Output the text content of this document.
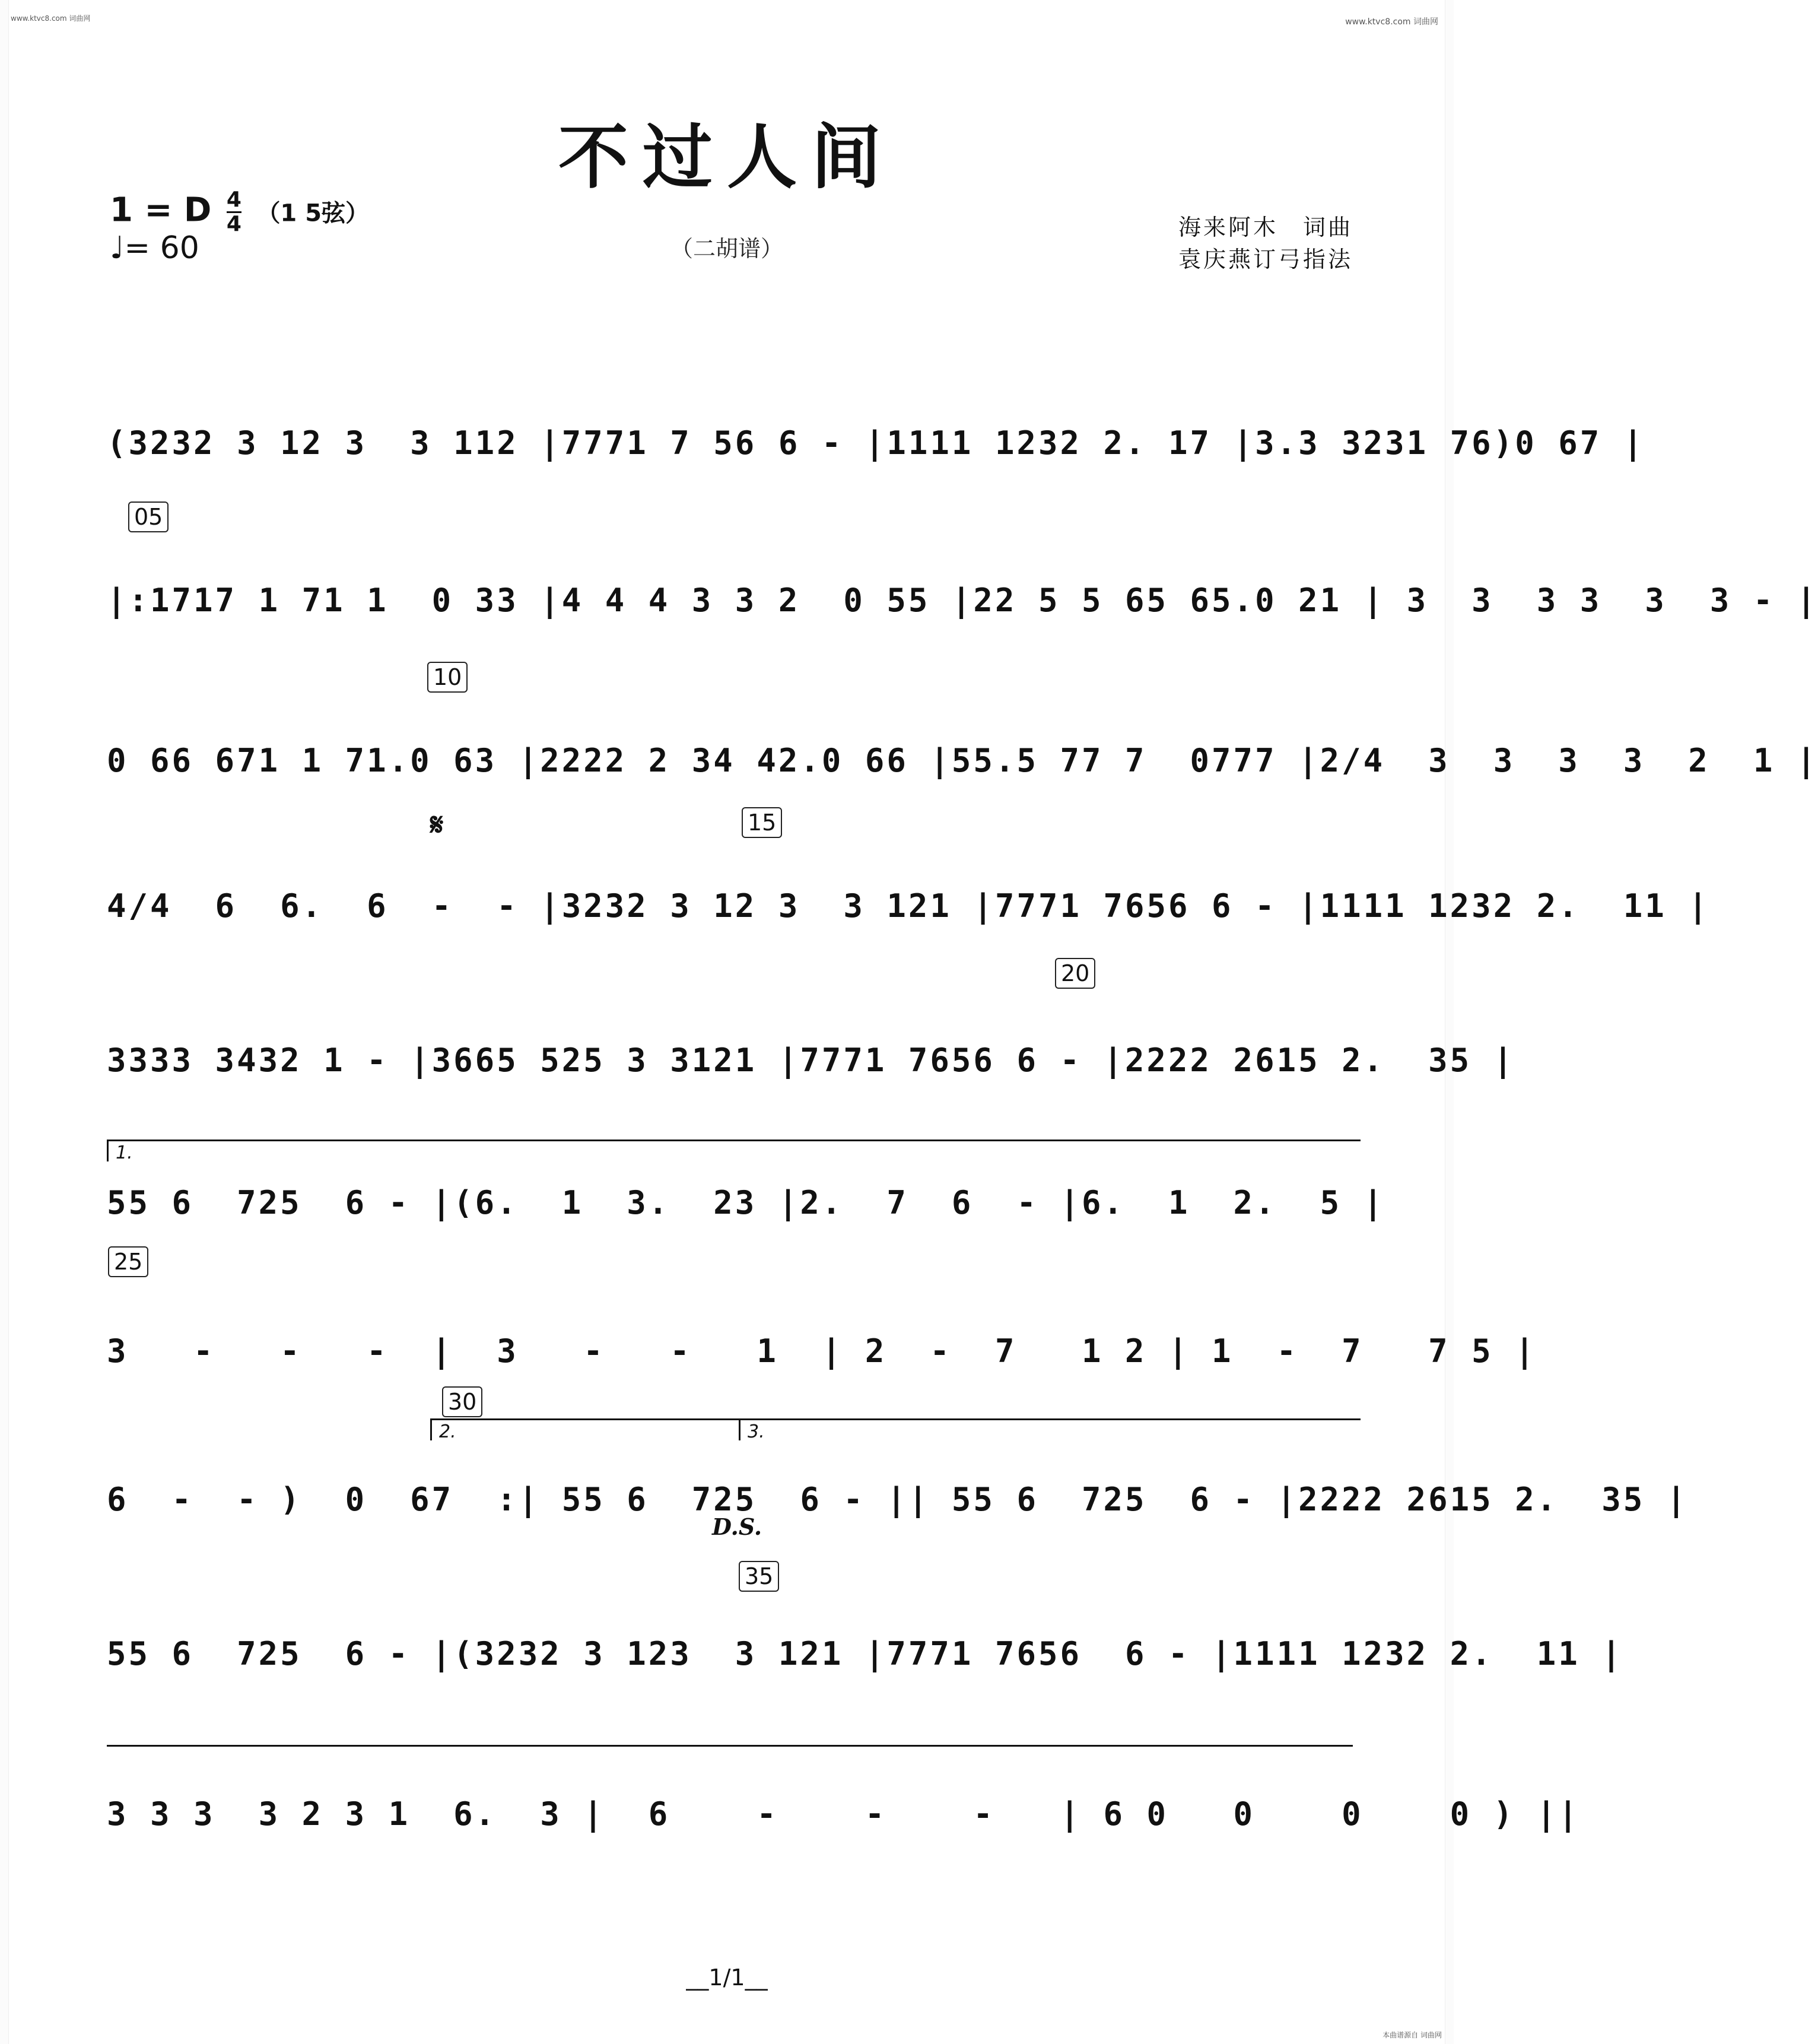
www.ktvc8.com 词曲网	www.ktvc8.com 词曲网
不过人间
1 = D $\frac{4}{4} (1$ 5弦）
♩= 60	（二胡谱）
海来阿木　词曲
袁庆燕订弓指法
(3232 3 12 3  3 112 |7771 7 56 6 - |1111 1232 2. 17 |3.3 3231 76)0 67 |
05
|:1717 1 71 1  0 33 |4 4 4 3 3 2  0 55 |22 5 5 65 65.0 21 | 3  3  3 3  3  3 - |
10
0 66 671 1 71.0 63 |2222 2 34 42.0 66 |55.5 77 7  0777 |2/4  3  3  3  3  2  1 |
𝄋	15
4/4  6  6.  6  -  - |3232 3 12 3  3 121 |7771 7656 6 - |1111 1232 2.  11 |
20
3333 3432 1 - |3665 525 3 3121 |7771 7656 6 - |2222 2615 2.  35 |
1.
55 6  725  6 - |(6.  1  3.  23 |2.  7  6  - |6.  1  2.  5 |
25
3   -   -   -  |  3   -   -   1  | 2  -  7   1 2 | 1  -  7   7 5 |
30
2.	3.
6  -  - )  0  67  :| 55 6  725  6 - || 55 6  725  6 - |2222 2615 2.  35 |
D.S.
35
55 6  725  6 - |(3232 3 123  3 121 |7771 7656  6 - |1111 1232 2.  11 |
3 3 3  3 2 3 1  6.  3 |  6    -    -    -   | 6 0   0    0    0 ) ||
__1/1__
本曲谱源自 词曲网
